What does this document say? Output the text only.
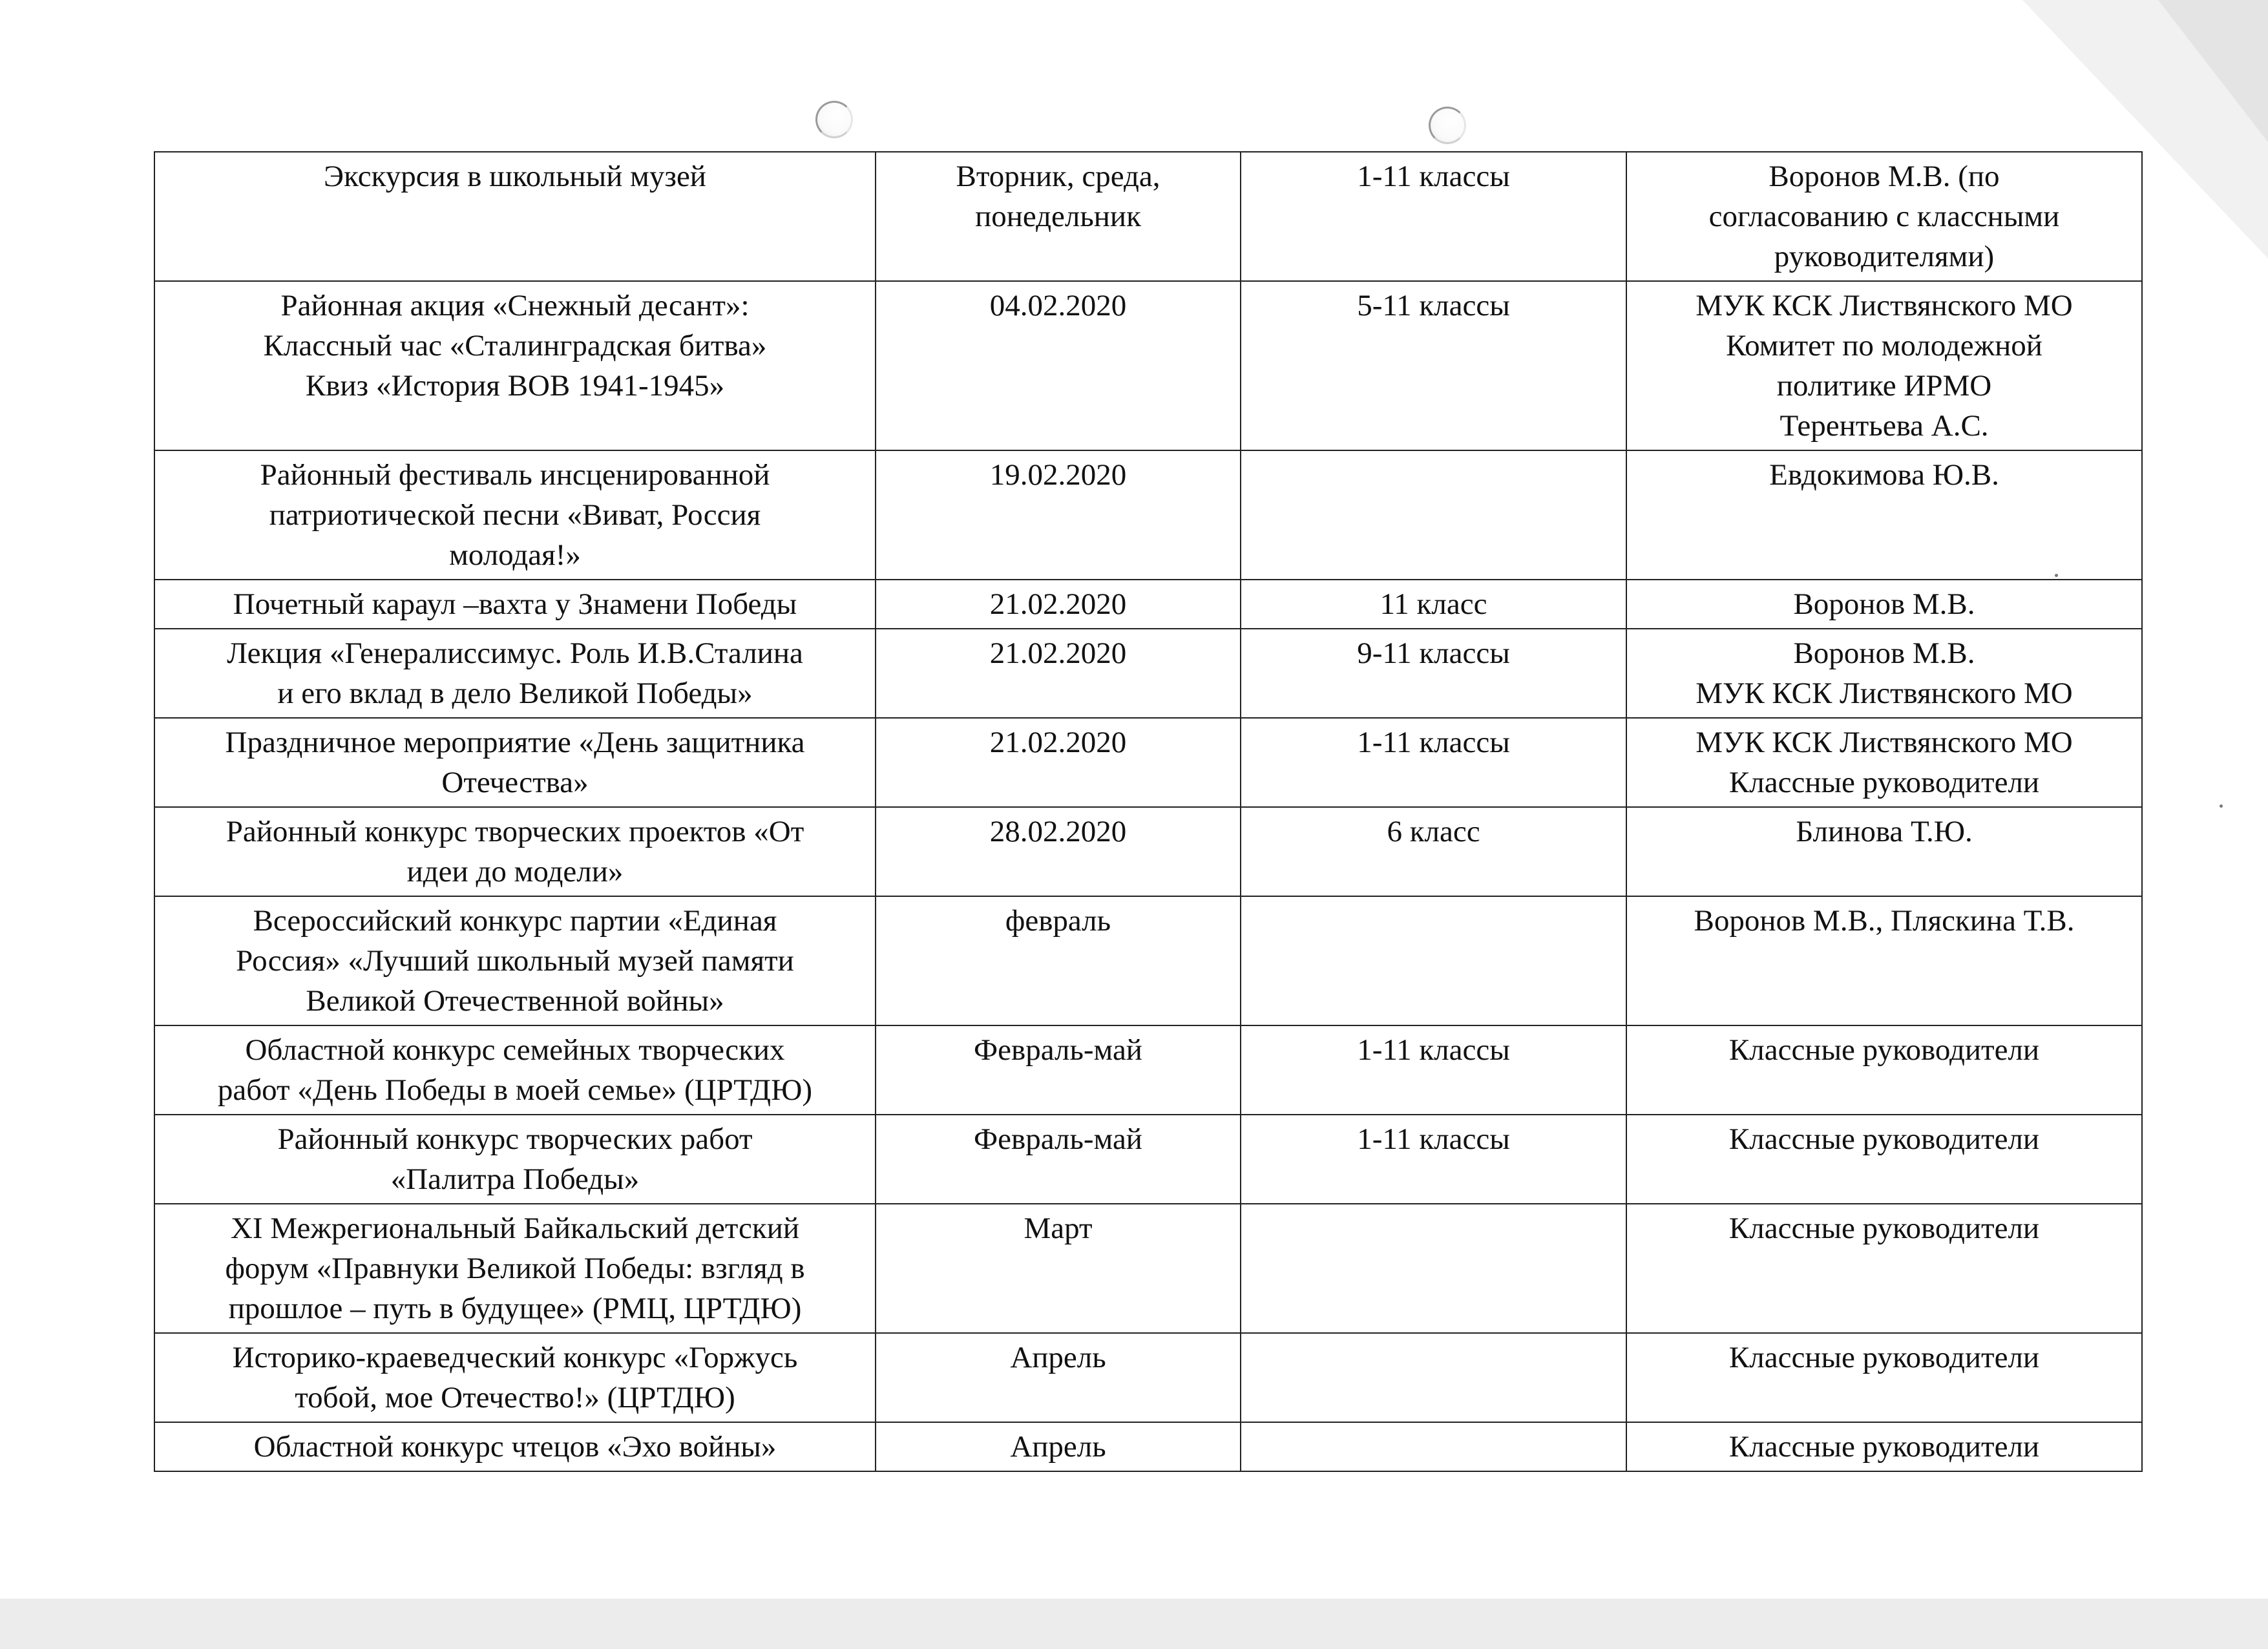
Экскурсия в школьный музей	Вторник, среда,
понедельник	1-11 классы	Воронов М.В. (по
согласованию с классными
руководителями)

Районная акция «Снежный десант»:
Классный час «Сталинградская битва»
Квиз «История ВОВ 1941-1945»	04.02.2020	5-11 классы	МУК КСК Листвянского МО
Комитет по молодежной
политике ИРМО
Терентьева А.С.

Районный фестиваль инсценированной
патриотической песни «Виват, Россия
молодая!»	19.02.2020		Евдокимова Ю.В.

Почетный караул –вахта у Знамени Победы	21.02.2020	11 класс	Воронов М.В.

Лекция «Генералиссимус. Роль И.В.Сталина
и его вклад в дело Великой Победы»	21.02.2020	9-11 классы	Воронов М.В.
МУК КСК Листвянского МО

Праздничное мероприятие «День защитника
Отечества»	21.02.2020	1-11 классы	МУК КСК Листвянского МО
Классные руководители

Районный конкурс творческих проектов «От
идеи до модели»	28.02.2020	6 класс	Блинова Т.Ю.

Всероссийский конкурс партии «Единая
Россия» «Лучший школьный музей памяти
Великой Отечественной войны»	февраль		Воронов М.В., Пляскина Т.В.

Областной конкурс семейных творческих
работ «День Победы в моей семье» (ЦРТДЮ)	Февраль-май	1-11 классы	Классные руководители

Районный конкурс творческих работ
«Палитра Победы»	Февраль-май	1-11 классы	Классные руководители

XI Межрегиональный Байкальский детский
форум «Правнуки Великой Победы: взгляд в
прошлое – путь в будущее» (РМЦ, ЦРТДЮ)	Март		Классные руководители

Историко-краеведческий конкурс «Горжусь
тобой, мое Отечество!» (ЦРТДЮ)	Апрель		Классные руководители

Областной конкурс чтецов «Эхо войны»	Апрель		Классные руководители
